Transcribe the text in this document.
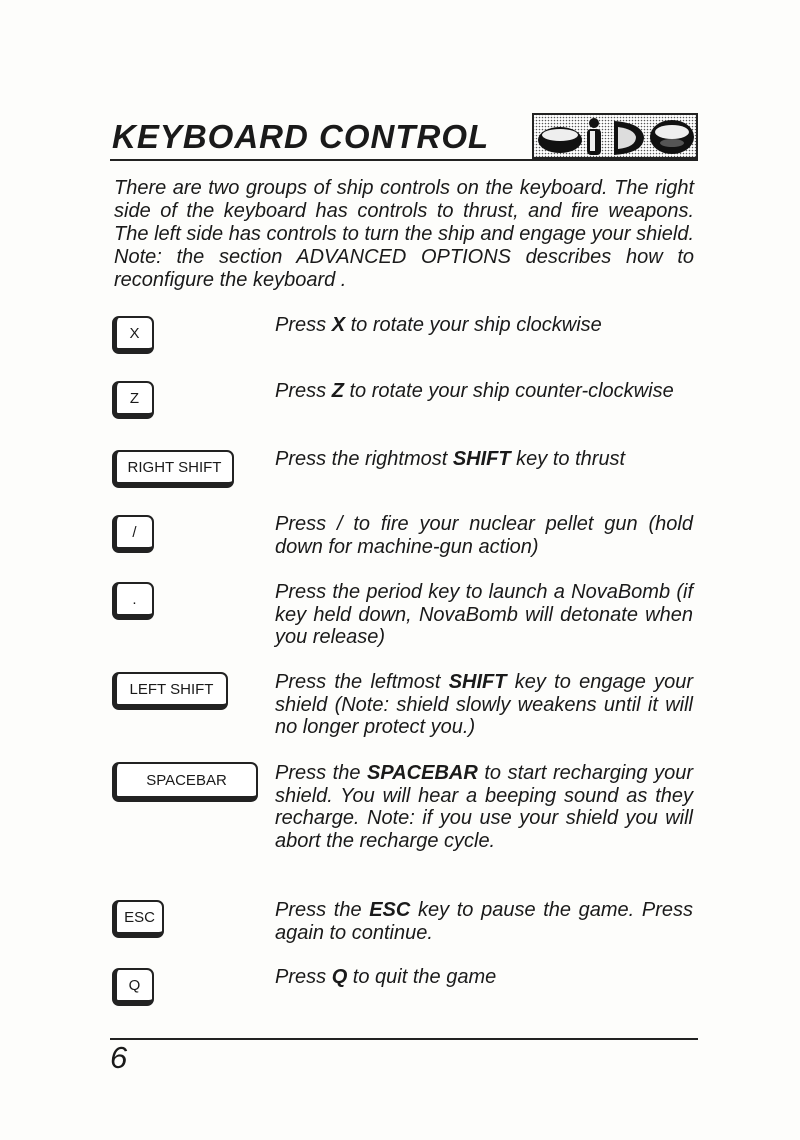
KEYBOARD CONTROL

There are two groups of ship controls on the keyboard. The right side of the keyboard has controls to thrust, and fire weapons. The left side has controls to turn the ship and engage your shield. Note: the section ADVANCED OPTIONS describes how to reconfigure the keyboard .

X	Press X to rotate your ship clockwise

Z	Press Z to rotate your ship counter-clockwise

RIGHT SHIFT	Press the rightmost SHIFT key to thrust

/	Press / to fire your nuclear pellet gun (hold down for machine-gun action)

.	Press the period key to launch a NovaBomb (if key held down, NovaBomb will detonate when you release)

LEFT SHIFT	Press the leftmost SHIFT key to engage your shield (Note: shield slowly weakens until it will no longer protect you.)

SPACEBAR	Press the SPACEBAR to start recharging your shield. You will hear a beeping sound as they recharge. Note: if you use your shield you will abort the recharge cycle.

ESC	Press the ESC key to pause the game. Press again to continue.

Q	Press Q to quit the game

6
